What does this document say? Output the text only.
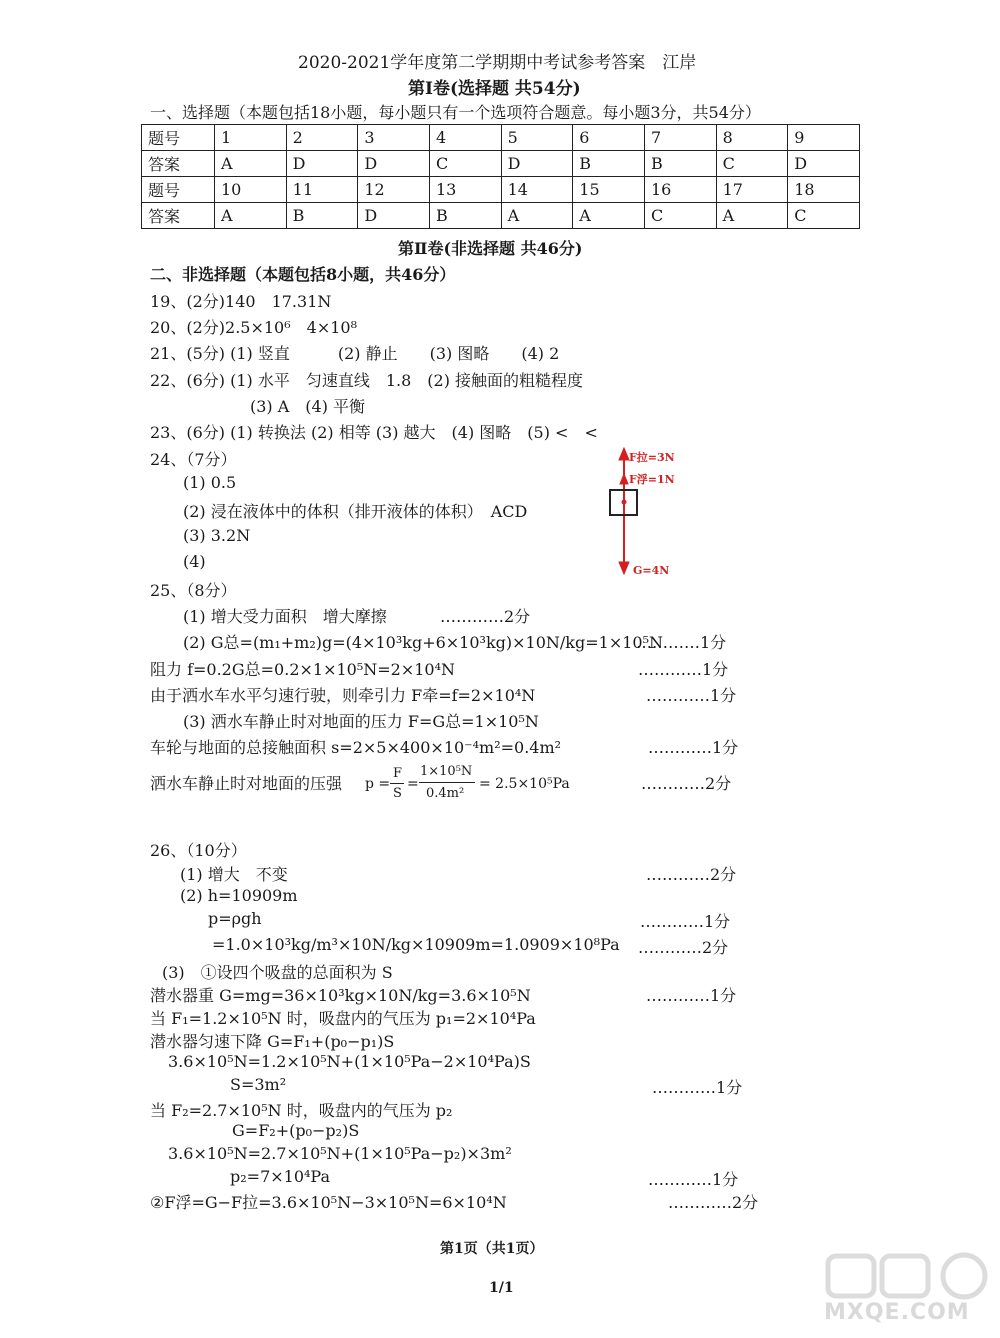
2020-2021学年度第二学期期中考试参考答案　江岸
第Ⅰ卷(选择题 共54分)
一、选择题（本题包括18小题，每小题只有一个选项符合题意。每小题3分，共54分）
题号	1	2	3	4	5	6	7	8	9
答案	A	D	D	C	D	B	B	C	D
题号	10	11	12	13	14	15	16	17	18
答案	A	B	D	B	A	A	C	A	C
第Ⅱ卷(非选择题 共46分)
二、非选择题（本题包括8小题，共46分）
19、(2分)140　17.31N
20、(2分)2.5×10⁶　4×10⁸
21、(5分) (1) 竖直　　　(2) 静止　　(3) 图略　　(4) 2
22、(6分) (1) 水平　匀速直线　1.8　(2) 接触面的粗糙程度
(3) A　(4) 平衡
23、(6分) (1) 转换法 (2) 相等 (3) 越大　(4) 图略　(5) <　<
24、（7分）
(1) 0.5
(2) 浸在液体中的体积（排开液体的体积）　ACD
(3) 3.2N
(4)
F拉=3N
F浮=1N
G=4N
25、（8分）
(1) 增大受力面积　增大摩擦	…………2分
(2) G总=(m₁+m₂)g=(4×10³kg+6×10³kg)×10N/kg=1×10⁵N
…………1分
阻力 f=0.2G总=0.2×1×10⁵N=2×10⁴N	…………1分
由于洒水车水平匀速行驶，则牵引力 F牵=f=2×10⁴N	…………1分
(3) 洒水车静止时对地面的压力 F=G总=1×10⁵N
车轮与地面的总接触面积 s=2×5×400×10⁻⁴m²=0.4m²	…………1分
洒水车静止时对地面的压强 p =
F
S
=
1×10⁵N
0.4m²
= 2.5×10⁵Pa	…………2分
26、（10分）
(1) 增大　不变	…………2分
(2) h=10909m
p=ρgh	…………1分
=1.0×10³kg/m³×10N/kg×10909m=1.0909×10⁸Pa …………2分
(3)　①设四个吸盘的总面积为 S
潜水器重 G=mg=36×10³kg×10N/kg=3.6×10⁵N	…………1分
当 F₁=1.2×10⁵N 时，吸盘内的气压为 p₁=2×10⁴Pa
潜水器匀速下降 G=F₁+(p₀−p₁)S
3.6×10⁵N=1.2×10⁵N+(1×10⁵Pa−2×10⁴Pa)S
S=3m²	…………1分
当 F₂=2.7×10⁵N 时，吸盘内的气压为 p₂
G=F₂+(p₀−p₂)S
3.6×10⁵N=2.7×10⁵N+(1×10⁵Pa−p₂)×3m²
p₂=7×10⁴Pa	…………1分
②F浮=G−F拉=3.6×10⁵N−3×10⁵N=6×10⁴N	…………2分
第1页（共1页）
1/1
MXQE.COM
